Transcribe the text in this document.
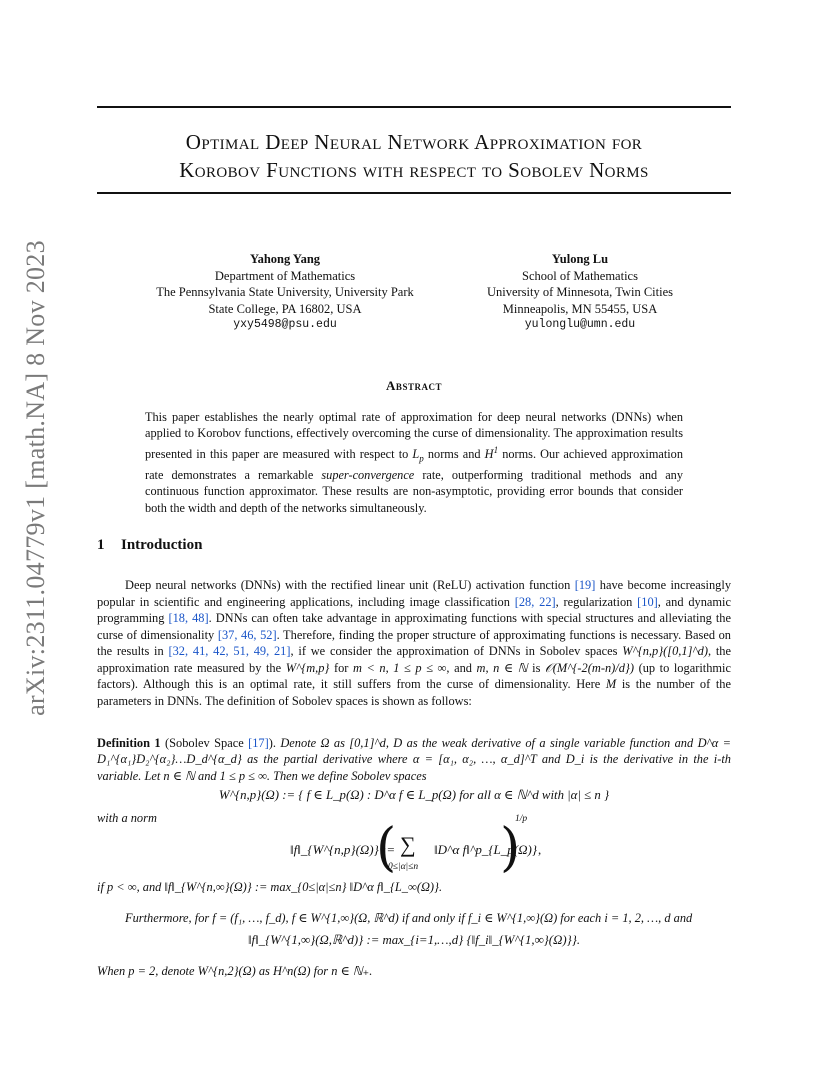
arXiv:2311.04779v1 [math.NA] 8 Nov 2023
Optimal Deep Neural Network Approximation for
Korobov Functions with respect to Sobolev Norms
Yahong Yang
Department of Mathematics
The Pennsylvania State University, University Park
State College, PA 16802, USA
yxy5498@psu.edu
Yulong Lu
School of Mathematics
University of Minnesota, Twin Cities
Minneapolis, MN 55455, USA
yulonglu@umn.edu
Abstract
This paper establishes the nearly optimal rate of approximation for deep neural networks (DNNs) when applied to Korobov functions, effectively overcoming the curse of dimensionality. The approximation results presented in this paper are measured with respect to $L_p$ norms and $H^1$ norms. Our achieved approximation rate demonstrates a remarkable super-convergence rate, outperforming traditional methods and any continuous function approximator. These results are non-asymptotic, providing error bounds that consider both the width and depth of the networks simultaneously.
1 Introduction
Deep neural networks (DNNs) with the rectified linear unit (ReLU) activation function [19] have become increasingly popular in scientific and engineering applications, including image classification [28, 22], regularization [10], and dynamic programming [18, 48]. DNNs can often take advantage in approximating functions with special structures and alleviating the curse of dimensionality [37, 46, 52]. Therefore, finding the proper structure of approximating functions is necessary. Based on the results in [32, 41, 42, 51, 49, 21], if we consider the approximation of DNNs in Sobolev spaces W^{n,p}([0,1]^d), the approximation rate measured by the W^{m,p} for m < n, 1 ≤ p ≤ ∞, and m, n ∈ ℕ is 𝒪(M^{-2(m-n)/d}) (up to logarithmic factors). Although this is an optimal rate, it still suffers from the curse of dimensionality. Here M is the number of the parameters in DNNs. The definition of Sobolev spaces is shown as follows:
Definition 1 (Sobolev Space [17]). Denote Ω as [0,1]^d, D as the weak derivative of a single variable function and D^α = D₁^{α₁}D₂^{α₂}…D_d^{α_d} as the partial derivative where α = [α₁, α₂, …, α_d]^T and D_i is the derivative in the i-th variable. Let n ∈ ℕ and 1 ≤ p ≤ ∞. Then we define Sobolev spaces
W^{n,p}(Ω) := { f ∈ L_p(Ω) : D^α f ∈ L_p(Ω) for all α ∈ ℕ^d with |α| ≤ n }
with a norm
‖f‖_{W^{n,p}(Ω)} :=
( ∑
0≤|α|≤n
‖D^α f‖^p_{L_p(Ω)}
)
1/p
,
if p < ∞, and ‖f‖_{W^{n,∞}(Ω)} := max_{0≤|α|≤n} ‖D^α f‖_{L_∞(Ω)}.
Furthermore, for f = (f₁, …, f_d), f ∈ W^{1,∞}(Ω, ℝ^d) if and only if f_i ∈ W^{1,∞}(Ω) for each i = 1, 2, …, d and
‖f‖_{W^{1,∞}(Ω,ℝ^d)} := max_{i=1,…,d} {‖f_i‖_{W^{1,∞}(Ω)}}.
When p = 2, denote W^{n,2}(Ω) as H^n(Ω) for n ∈ ℕ₊.
